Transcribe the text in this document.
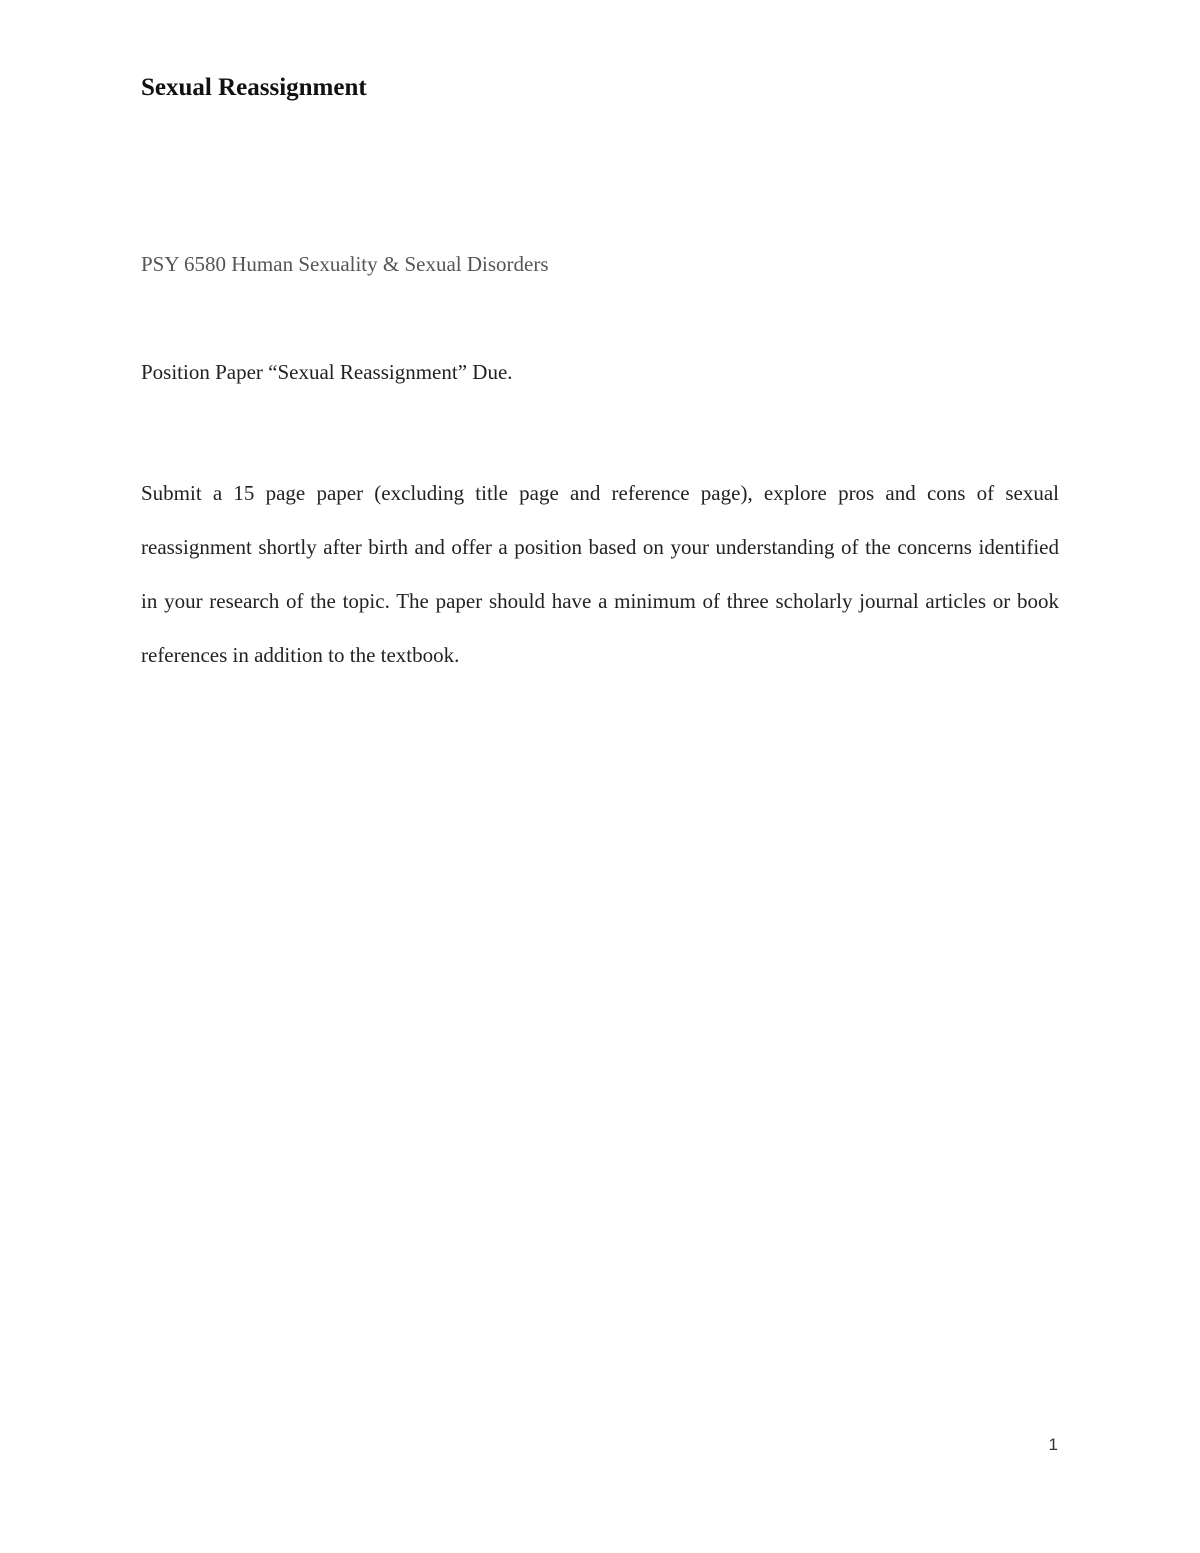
Sexual Reassignment

PSY 6580 Human Sexuality & Sexual Disorders

Position Paper “Sexual Reassignment” Due.

Submit a 15 page paper (excluding title page and reference page), explore pros and cons of sexual reassignment shortly after birth and offer a position based on your understanding of the concerns identified in your research of the topic. The paper should have a minimum of three scholarly journal articles or book references in addition to the textbook.

1
